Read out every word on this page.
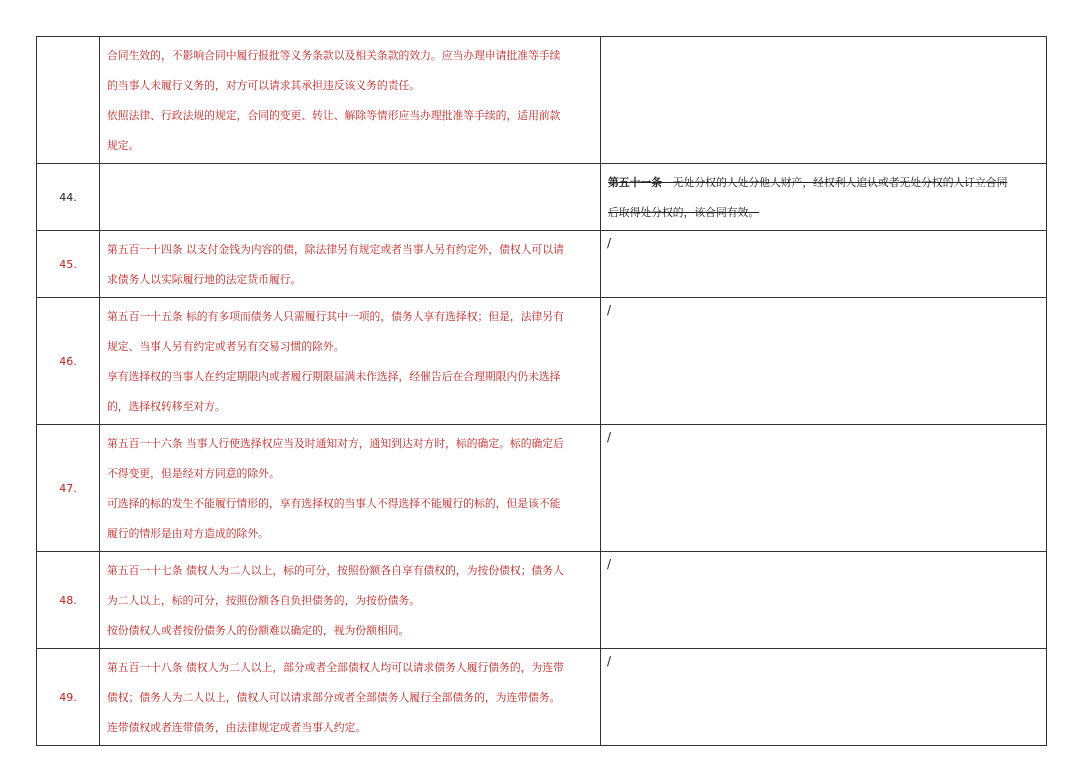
	合同生效的，不影响合同中履行报批等义务条款以及相关条款的效力。应当办理申请批准等手续
的当事人未履行义务的，对方可以请求其承担违反该义务的责任。
依照法律、行政法规的规定，合同的变更、转让、解除等情形应当办理批准等手续的，适用前款
规定。	

44.		第五十一条　 无处分权的人处分他人财产，经权利人追认或者无处分权的人订立合同
后取得处分权的，该合同有效。

45.	第五百一十四条 以支付金钱为内容的债，除法律另有规定或者当事人另有约定外，债权人可以请
求债务人以实际履行地的法定货币履行。	/

46.	第五百一十五条 标的有多项而债务人只需履行其中一项的，债务人享有选择权；但是，法律另有
规定、当事人另有约定或者另有交易习惯的除外。
享有选择权的当事人在约定期限内或者履行期限届满未作选择，经催告后在合理期限内仍未选择
的，选择权转移至对方。	/

47.	第五百一十六条 当事人行使选择权应当及时通知对方，通知到达对方时，标的确定。标的确定后
不得变更，但是经对方同意的除外。
可选择的标的发生不能履行情形的，享有选择权的当事人不得选择不能履行的标的，但是该不能
履行的情形是由对方造成的除外。	/

48.	第五百一十七条 债权人为二人以上，标的可分，按照份额各自享有债权的，为按份债权；债务人
为二人以上，标的可分，按照份额各自负担债务的，为按份债务。
按份债权人或者按份债务人的份额难以确定的，视为份额相同。	/

49.	第五百一十八条 债权人为二人以上，部分或者全部债权人均可以请求债务人履行债务的，为连带
债权；债务人为二人以上，债权人可以请求部分或者全部债务人履行全部债务的，为连带债务。
连带债权或者连带债务，由法律规定或者当事人约定。	/
